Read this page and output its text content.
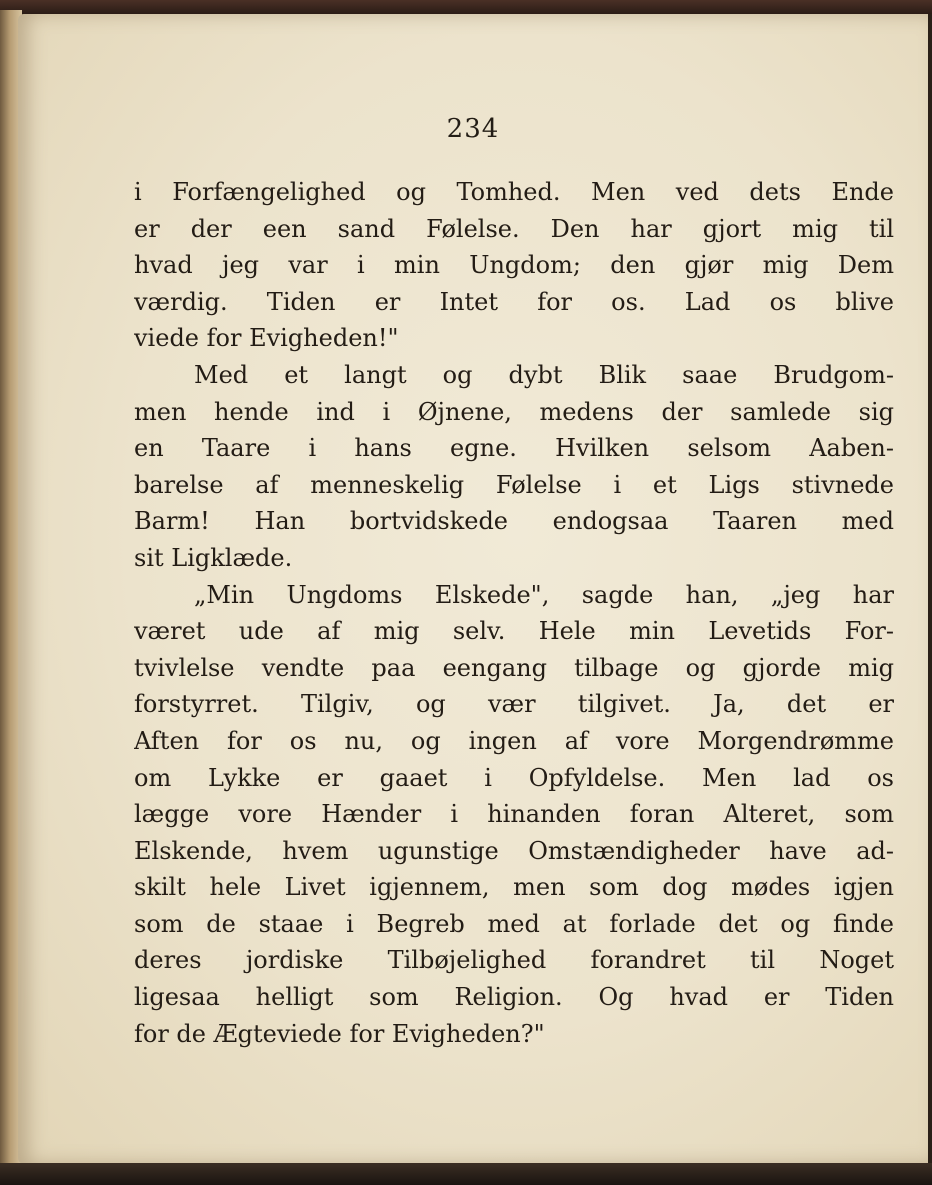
234
i Forfængelighed og Tomhed. Men ved dets Ende
er der een sand Følelse. Den har gjort mig til
hvad jeg var i min Ungdom; den gjør mig Dem
værdig. Tiden er Intet for os. Lad os blive
viede for Evigheden!"
Med et langt og dybt Blik saae Brudgom-
men hende ind i Øjnene, medens der samlede sig
en Taare i hans egne. Hvilken selsom Aaben-
barelse af menneskelig Følelse i et Ligs stivnede
Barm! Han bortvidskede endogsaa Taaren med
sit Ligklæde.
„Min Ungdoms Elskede", sagde han, „jeg har
været ude af mig selv. Hele min Levetids For-
tvivlelse vendte paa eengang tilbage og gjorde mig
forstyrret. Tilgiv, og vær tilgivet. Ja, det er
Aften for os nu, og ingen af vore Morgendrømme
om Lykke er gaaet i Opfyldelse. Men lad os
lægge vore Hænder i hinanden foran Alteret, som
Elskende, hvem ugunstige Omstændigheder have ad-
skilt hele Livet igjennem, men som dog mødes igjen
som de staae i Begreb med at forlade det og finde
deres jordiske Tilbøjelighed forandret til Noget
ligesaa helligt som Religion. Og hvad er Tiden
for de Ægteviede for Evigheden?"
